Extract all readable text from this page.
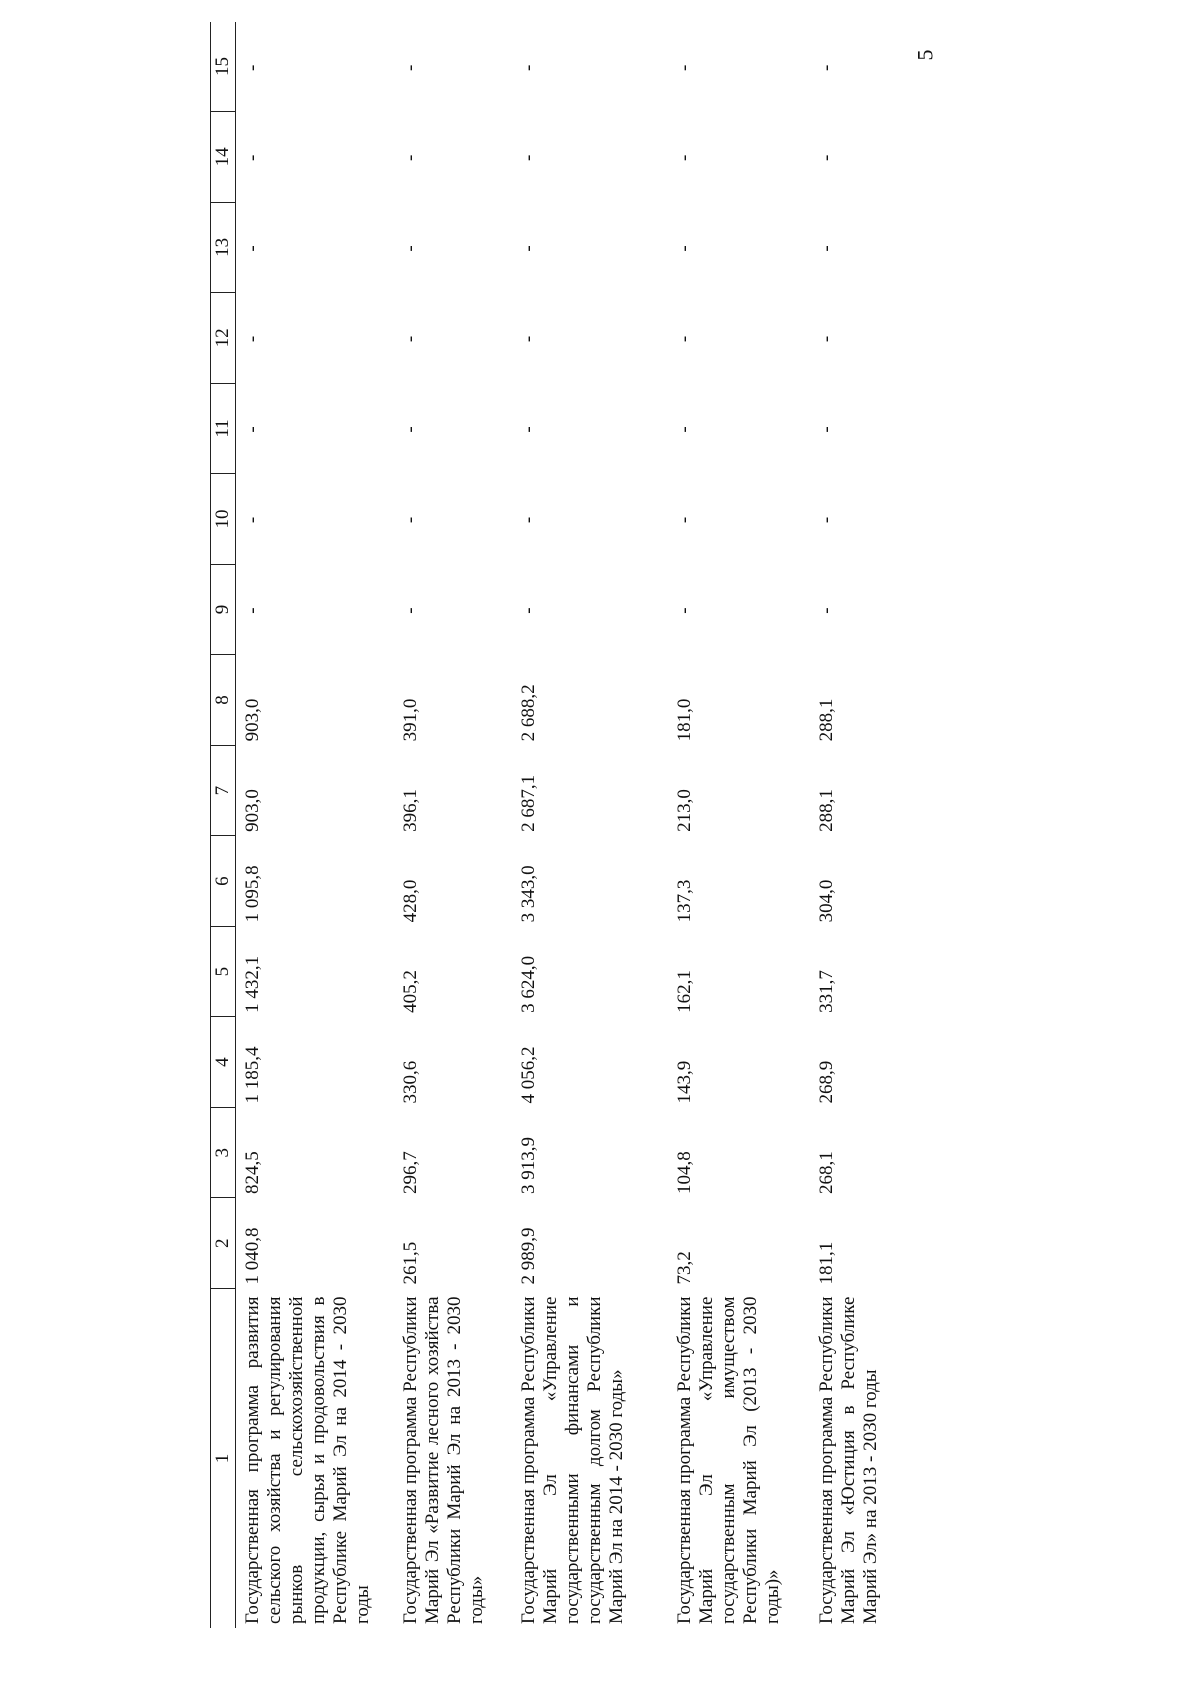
5
1	2	3	4	5	6	7	8	9	10	11	12	13	14	15
Государственная программа развития сельского хозяйства и регулирования рынков сельскохозяйственной продукции, сырья и продовольствия в Республике Марий Эл на 2014 - 2030 годы	1 040,8	824,5	1 185,4	1 432,1	1 095,8	903,0	903,0	-	-	-	-	-	-	-
Государственная программа Республики Марий Эл «Развитие лесного хозяйства Республики Марий Эл на 2013 - 2030 годы»	261,5	296,7	330,6	405,2	428,0	396,1	391,0	-	-	-	-	-	-	-
Государственная программа Республики Марий Эл «Управление государственными финансами и государственным долгом Республики Марий Эл на 2014 - 2030 годы»	2 989,9	3 913,9	4 056,2	3 624,0	3 343,0	2 687,1	2 688,2	-	-	-	-	-	-	-
Государственная программа Республики Марий Эл «Управление государственным имуществом Республики Марий Эл (2013 - 2030 годы)»	73,2	104,8	143,9	162,1	137,3	213,0	181,0	-	-	-	-	-	-	-
Государственная программа Республики Марий Эл «Юстиция в Республике Марий Эл» на 2013 - 2030 годы	181,1	268,1	268,9	331,7	304,0	288,1	288,1	-	-	-	-	-	-	-
